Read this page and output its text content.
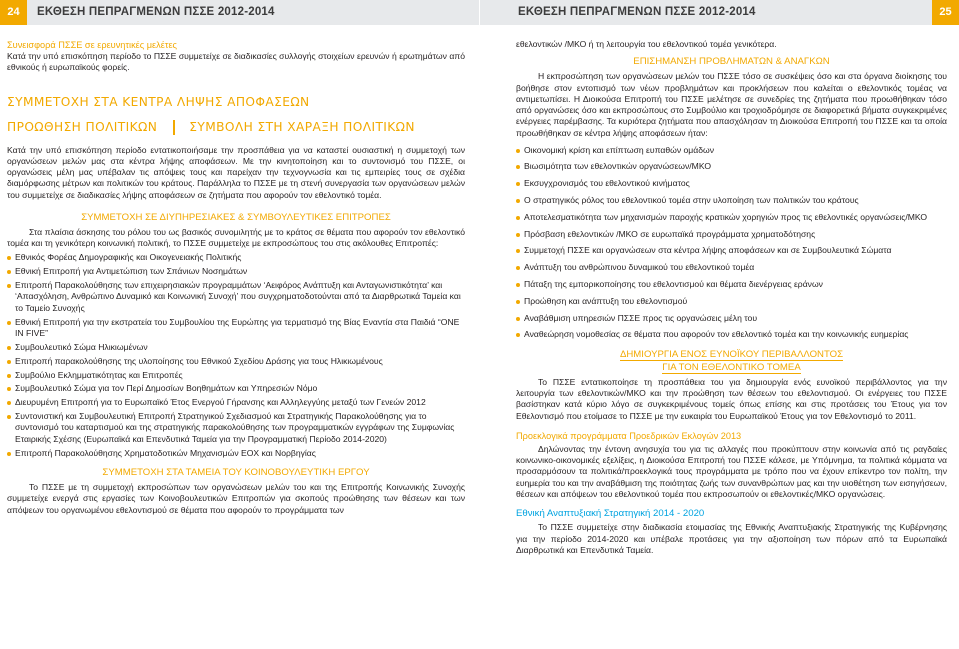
24	ΕΚΘΕΣΗ ΠΕΠΡΑΓΜΕΝΩΝ ΠΣΣΕ 2012-2014
Συνεισφορά ΠΣΣΕ σε ερευνητικές μελέτες

Κατά την υπό επισκόπηση περίοδο το ΠΣΣΕ συμμετείχε σε διαδικασίες συλλογής στοιχείων ερευνών ή ερωτημάτων από εθνικούς ή ευρωπαϊκούς φορείς.

ΣΥΜΜΕΤΟΧΗ ΣΤΑ ΚΕΝΤΡΑ ΛΗΨΗΣ ΑΠΟΦΑΣΕΩΝ
ΠΡΟΩΘΗΣΗ ΠΟΛΙΤΙΚΩΝ	ΣΥΜΒΟΛΗ ΣΤΗ ΧΑΡΑΞΗ ΠΟΛΙΤΙΚΩΝ

Κατά την υπό επισκόπηση περίοδο εντατικοποιήσαμε την προσπάθεια για να καταστεί ουσιαστική η συμμετοχή των οργανώσεων μελών μας στα κέντρα λήψης αποφάσεων. Με την κινητοποίηση και το συντονισμό του ΠΣΣΕ, οι οργανώσεις μέλη μας υπέβαλαν τις απόψεις τους και παρείχαν την τεχνογνωσία και τις εμπειρίες τους σε σχέδια διαμόρφωσης μέτρων και πολιτικών του κράτους. Παράλληλα το ΠΣΣΕ με τη στενή συνεργασία των οργανώσεων μελών του συμμετείχε σε διαδικασίες λήψης αποφάσεων σε ζητήματα που αφορούν τον εθελοντικό τομέα.

ΣΥΜΜΕΤΟΧΗ ΣΕ ΔΙΥΠΗΡΕΣΙΑΚΕΣ & ΣΥΜΒΟΥΛΕΥΤΙΚΕΣ ΕΠΙΤΡΟΠΕΣ

Στα πλαίσια άσκησης του ρόλου του ως βασικός συνομιλητής με το κράτος σε θέματα που αφορούν τον εθελοντικό τομέα και τη γενικότερη κοινωνική πολιτική, το ΠΣΣΕ συμμετείχε με εκπροσώπους του στις ακόλουθες Επιτροπές:

Εθνικός Φορέας Δημογραφικής και Οικογενειακής Πολιτικής
Εθνική Επιτροπή για Αντιμετώπιση των Σπάνιων Νοσημάτων
Επιτροπή Παρακολούθησης των επιχειρησιακών προγραμμάτων ‘Αειφόρος Ανάπτυξη και Ανταγωνιστικότητα’ και ‘Απασχόληση, Ανθρώπινο Δυναμικό και Κοινωνική Συνοχή’ που συγχρηματοδοτούνται από τα Διαρθρωτικά Ταμεία και το Ταμείο Συνοχής
Εθνική Επιτροπή για την εκστρατεία του Συμβουλίου της Ευρώπης για τερματισμό της Βίας Εναντία στα Παιδιά “ONE IN FIVE”
Συμβουλευτικό Σώμα Ηλικιωμένων
Επιτροπή παρακολούθησης της υλοποίησης του Εθνικού Σχεδίου Δράσης για τους Ηλικιωμένους
Συμβούλιο Εκλημματικότητας και Επιτροπές
Συμβουλευτικό Σώμα για τον Περί Δημοσίων Βοηθημάτων και Υπηρεσιών Νόμο
Διευρυμένη Επιτροπή για το Ευρωπαϊκό Έτος Ενεργού Γήρανσης και Αλληλεγγύης μεταξύ των Γενεών 2012
Συντονιστική και Συμβουλευτική Επιτροπή Στρατηγικού Σχεδιασμού και Στρατηγικής Παρακολούθησης για το συντονισμό του καταρτισμού και της στρατηγικής παρακολούθησης των προγραμματικών εγγράφων της Συμφωνίας Εταιρικής Σχέσης (Ευρωπαϊκά και Επενδυτικά Ταμεία για την Προγραμματική Περίοδο 2014-2020)
Επιτροπή Παρακολούθησης Χρηματοδοτικών Μηχανισμών ΕΟΧ και Νορβηγίας
ΣΥΜΜΕΤΟΧΗ ΣΤΑ ΤΑΜΕΙΑ ΤΟΥ ΚΟΙΝΟΒΟΥΛΕΥΤΙΚΗ ΕΡΓΟΥ

Το ΠΣΣΕ με τη συμμετοχή εκπροσώπων των οργανώσεων μελών του και της Επιτροπής Κοινωνικής Συνοχής συμμετείχε ενεργά στις εργασίες των Κοινοβουλευτικών Επιτροπών για σκοπούς προώθησης των θέσεων και των απόψεων του οργανωμένου εθελοντισμού σε θέματα που αφορούν το προγράμματα των

ΕΚΘΕΣΗ ΠΕΠΡΑΓΜΕΝΩΝ ΠΣΣΕ 2012-2014	25

εθελοντικών /ΜΚΟ ή τη λειτουργία του εθελοντικού τομέα γενικότερα.

ΕΠΙΣΗΜΑΝΣΗ ΠΡΟΒΛΗΜΑΤΩΝ & ΑΝΑΓΚΩΝ

Η εκπροσώπηση των οργανώσεων μελών του ΠΣΣΕ τόσο σε συσκέψεις όσο και στα όργανα διοίκησης του βοήθησε στον εντοπισμό των νέων προβλημάτων και προκλήσεων που καλείται ο εθελοντικός τομέας να αντιμετωπίσει. Η Διοικούσα Επιτροπή του ΠΣΣΕ μελέτησε σε συνεδρίες της ζητήματα που προωθήθηκαν τόσο από οργανώσεις όσο και εκπροσώπους στο Συμβούλιο και τροχιοδρόμησε σε διαφορετικά βήματα συγκεκριμένες ενέργειες παρέμβασης. Τα κυριότερα ζητήματα που απασχόλησαν τη Διοικούσα Επιτροπή του ΠΣΣΕ και τα οποία προωθήθηκαν σε κέντρα λήψης αποφάσεων ήταν:

Οικονομική κρίση και επίπτωση ευπαθών ομάδων
Βιωσιμότητα των εθελοντικών οργανώσεων/ΜΚΟ
Εκσυγχρονισμός του εθελοντικού κινήματος
Ο στρατηγικός ρόλος του εθελοντικού τομέα στην υλοποίηση των πολιτικών του κράτους
Αποτελεσματικότητα των μηχανισμών παροχής κρατικών χορηγιών προς τις εθελοντικές οργανώσεις/ΜΚΟ
Πρόσβαση εθελοντικών /ΜΚΟ σε ευρωπαϊκά προγράμματα χρηματοδότησης
Συμμετοχή ΠΣΣΕ και οργανώσεων στα κέντρα λήψης αποφάσεων και σε Συμβουλευτικά Σώματα
Ανάπτυξη του ανθρώπινου δυναμικού του εθελοντικού τομέα
Πάταξη της εμπορικοποίησης του εθελοντισμού και θέματα διενέργειας εράνων
Προώθηση και ανάπτυξη του εθελοντισμού
Αναβάθμιση υπηρεσιών ΠΣΣΕ προς τις οργανώσεις μέλη του
Αναθεώρηση νομοθεσίας σε θέματα που αφορούν τον εθελοντικό τομέα και την κοινωνικής ευημερίας
ΔΗΜΙΟΥΡΓΙΑ ΕΝΟΣ ΕΥΝΟΪΚΟΥ ΠΕΡΙΒΑΛΛΟΝΤΟΣ
ΓΙΑ ΤΟΝ ΕΘΕΛΟΝΤΙΚΟ ΤΟΜΕΑ

Το ΠΣΣΕ εντατικοποίησε τη προσπάθεια του για δημιουργία ενός ευνοϊκού περιβάλλοντος για την λειτουργία των εθελοντικών/ΜΚΟ και την προώθηση των θέσεων του εθελοντισμού. Οι ενέργειες του ΠΣΣΕ βασίστηκαν κατά κύριο λόγο σε συγκεκριμένους τομείς όπως επίσης και στις προτάσεις του Έτους για τον Εθελοντισμό που ετοίμασε το ΠΣΣΕ με την ευκαιρία του Ευρωπαϊκού Έτους για τον Εθελοντισμό το 2011.

Προεκλογικά προγράμματα Προεδρικών Εκλογών 2013

Δηλώνοντας την έντονη ανησυχία του για τις αλλαγές που προκύπτουν στην κοινωνία από τις ραγδαίες κοινωνικο-οικονομικές εξελίξεις, η Διοικούσα Επιτροπή του ΠΣΣΕ κάλεσε, με Υπόμνημα, τα πολιτικά κόμματα να προσαρμόσουν τα πολιτικά/προεκλογικά τους προγράμματα με τρόπο που να έχουν επίκεντρο τον πολίτη, την ευημερία του και την αναβάθμιση της ποιότητας ζωής των συνανθρώπων μας και την υιοθέτηση των εισηγήσεων, θέσεων και απόψεων του εθελοντικού τομέα που εκπροσωπούν οι εθελοντικές/ΜΚΟ οργανώσεις.

Εθνική Αναπτυξιακή Στρατηγική 2014 - 2020

Το ΠΣΣΕ συμμετείχε στην διαδικασία ετοιμασίας της Εθνικής Αναπτυξιακής Στρατηγικής της Κυβέρνησης για την περίοδο 2014-2020 και υπέβαλε προτάσεις για την αξιοποίηση των πόρων από τα Ευρωπαϊκά Διαρθρωτικά και Επενδυτικά Ταμεία.
